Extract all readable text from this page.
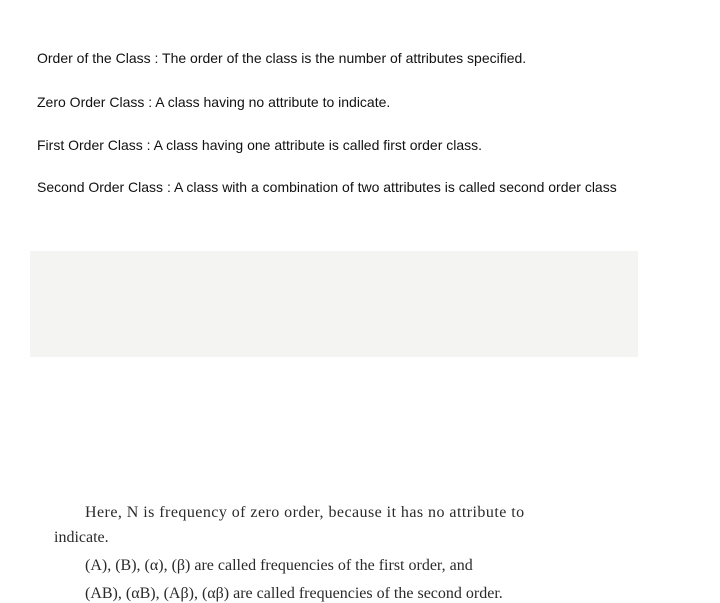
Order of the Class : The order of the class is the number of attributes specified.

Zero Order Class : A class having no attribute to indicate.

First Order Class : A class having one attribute is called first order class.

Second Order Class : A class with a combination of two attributes is called second order class

Here, N is frequency of zero order, because it has no attribute to

indicate.

(A), (B), (α), (β) are called frequencies of the first order, and

(AB), (αB), (Aβ), (αβ) are called frequencies of the second order.
